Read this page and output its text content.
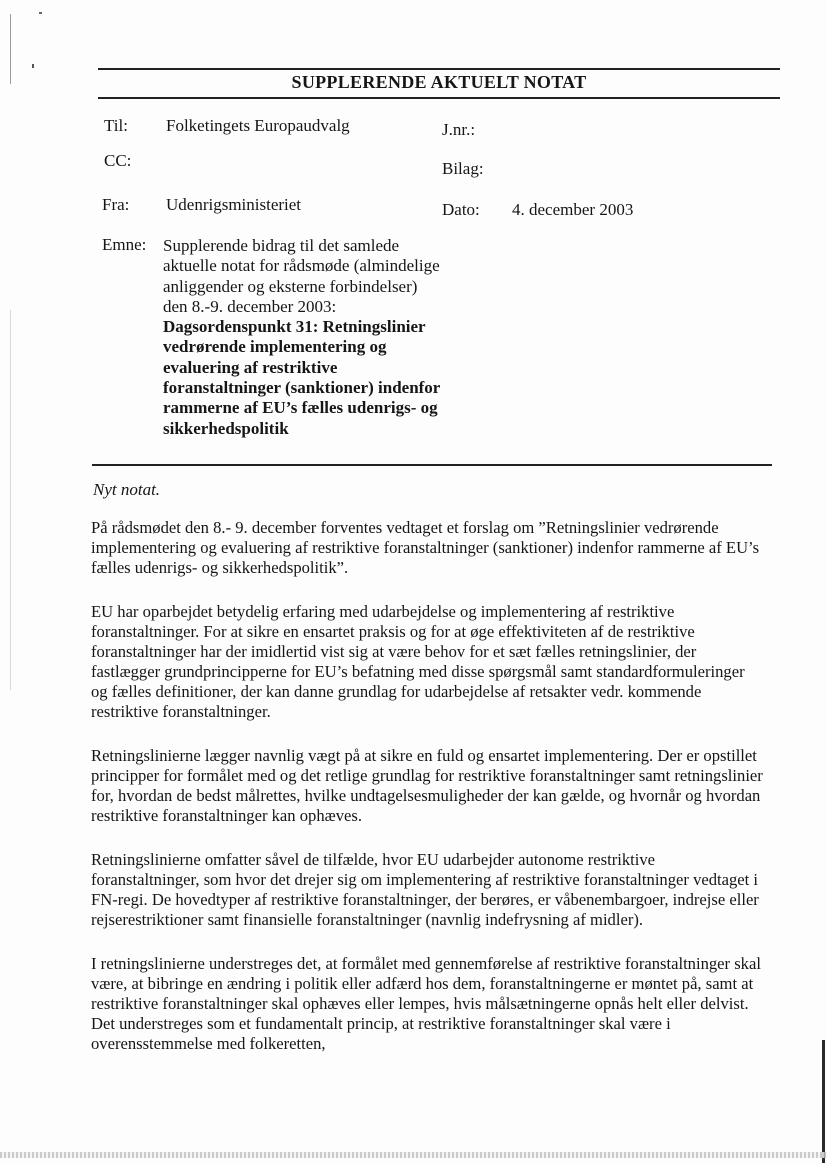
SUPPLERENDE AKTUELT NOTAT
Til: Folketingets Europaudvalg	J.nr.:
CC:	Bilag:
Fra: Udenrigsministeriet	Dato: 4. december 2003
Emne: Supplerende bidrag til det samlede aktuelle notat for rådsmøde (almindelige anliggender og eksterne forbindelser) den 8.-9. december 2003: Dagsordenspunkt 31: Retningslinier vedrørende implementering og evaluering af restriktive foranstaltninger (sanktioner) indenfor rammerne af EU’s fælles udenrigs- og sikkerhedspolitik
Nyt notat.

På rådsmødet den 8.- 9. december forventes vedtaget et forslag om ”Retningslinier vedrørende implementering og evaluering af restriktive foranstaltninger (sanktioner) indenfor rammerne af EU’s fælles udenrigs- og sikkerhedspolitik”.

EU har oparbejdet betydelig erfaring med udarbejdelse og implementering af restriktive foranstaltninger. For at sikre en ensartet praksis og for at øge effektiviteten af de restriktive foranstaltninger har der imidlertid vist sig at være behov for et sæt fælles retningslinier, der fastlægger grundprincipperne for EU’s befatning med disse spørgsmål samt standardformuleringer og fælles definitioner, der kan danne grundlag for udarbejdelse af retsakter vedr. kommende restriktive foranstaltninger.

Retningslinierne lægger navnlig vægt på at sikre en fuld og ensartet implementering. Der er opstillet principper for formålet med og det retlige grundlag for restriktive foranstaltninger samt retningslinier for, hvordan de bedst målrettes, hvilke undtagelsesmuligheder der kan gælde, og hvornår og hvordan restriktive foranstaltninger kan ophæves.

Retningslinierne omfatter såvel de tilfælde, hvor EU udarbejder autonome restriktive foranstaltninger, som hvor det drejer sig om implementering af restriktive foranstaltninger vedtaget i FN-regi. De hovedtyper af restriktive foranstaltninger, der berøres, er våbenembargoer, indrejse eller rejserestriktioner samt finansielle foranstaltninger (navnlig indefrysning af midler).

I retningslinierne understreges det, at formålet med gennemførelse af restriktive foranstaltninger skal være, at bibringe en ændring i politik eller adfærd hos dem, foranstaltningerne er møntet på, samt at restriktive foranstaltninger skal ophæves eller lempes, hvis målsætningerne opnås helt eller delvist. Det understreges som et fundamentalt princip, at restriktive foranstaltninger skal være i overensstemmelse med folkeretten,
